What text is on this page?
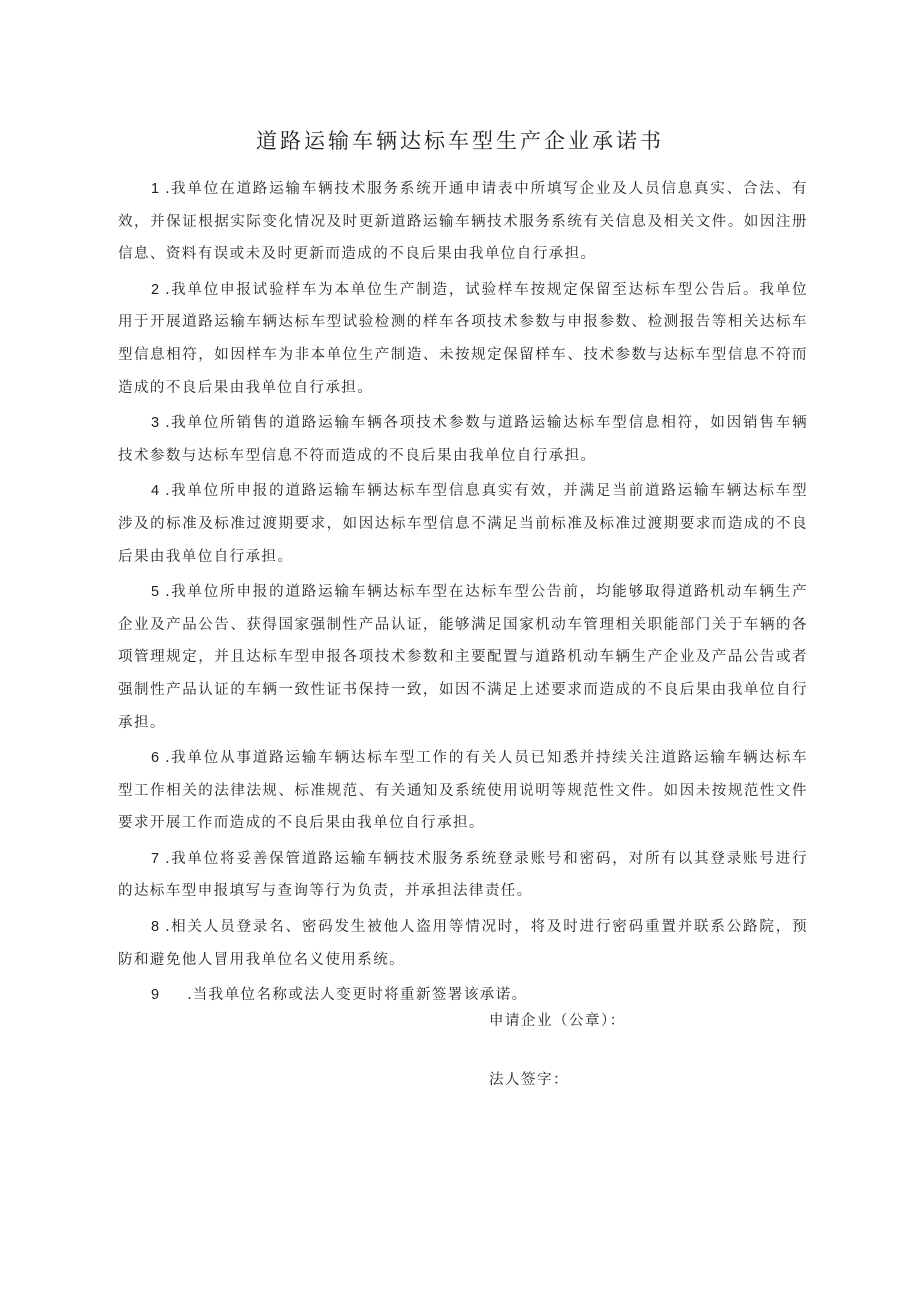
道路运输车辆达标车型生产企业承诺书

1 .我单位在道路运输车辆技术服务系统开通申请表中所填写企业及人员信息真实、合法、有效，并保证根据实际变化情况及时更新道路运输车辆技术服务系统有关信息及相关文件。如因注册信息、资料有误或未及时更新而造成的不良后果由我单位自行承担。

2 .我单位申报试验样车为本单位生产制造，试验样车按规定保留至达标车型公告后。我单位用于开展道路运输车辆达标车型试验检测的样车各项技术参数与申报参数、检测报告等相关达标车型信息相符，如因样车为非本单位生产制造、未按规定保留样车、技术参数与达标车型信息不符而造成的不良后果由我单位自行承担。

3 .我单位所销售的道路运输车辆各项技术参数与道路运输达标车型信息相符，如因销售车辆技术参数与达标车型信息不符而造成的不良后果由我单位自行承担。

4 .我单位所申报的道路运输车辆达标车型信息真实有效，并满足当前道路运输车辆达标车型涉及的标准及标准过渡期要求，如因达标车型信息不满足当前标准及标准过渡期要求而造成的不良后果由我单位自行承担。

5 .我单位所申报的道路运输车辆达标车型在达标车型公告前，均能够取得道路机动车辆生产企业及产品公告、获得国家强制性产品认证，能够满足国家机动车管理相关职能部门关于车辆的各项管理规定，并且达标车型申报各项技术参数和主要配置与道路机动车辆生产企业及产品公告或者强制性产品认证的车辆一致性证书保持一致，如因不满足上述要求而造成的不良后果由我单位自行承担。

6 .我单位从事道路运输车辆达标车型工作的有关人员已知悉并持续关注道路运输车辆达标车型工作相关的法律法规、标准规范、有关通知及系统使用说明等规范性文件。如因未按规范性文件要求开展工作而造成的不良后果由我单位自行承担。

7 .我单位将妥善保管道路运输车辆技术服务系统登录账号和密码，对所有以其登录账号进行的达标车型申报填写与查询等行为负责，并承担法律责任。

8 .相关人员登录名、密码发生被他人盗用等情况时，将及时进行密码重置并联系公路院，预防和避免他人冒用我单位名义使用系统。

9 .当我单位名称或法人变更时将重新签署该承诺。

申请企业（公章）：
法人签字：
